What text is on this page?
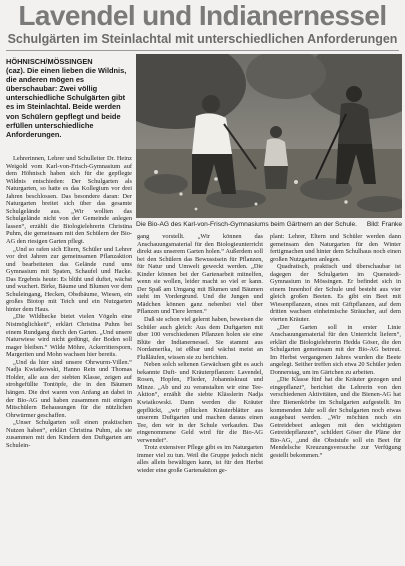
Lavendel und Indianernessel
Schulgärten im Steinlachtal mit unterschiedlichen Anforderungen
Die Bio-AG des Karl-von-Frisch-Gymnasiums beim Gärtnern an der Schule. Bild: Franke
HÖHNISCH/MÖSSINGEN
(caz). Die einen lieben die Wildnis, die anderen mögen es überschaubar: Zwei völlig unterschiedliche Schulgärten gibt es im Steinlachtal. Beide werden von Schülern gepflegt und beide erfüllen unterschiedliche Anforderungen.

Lehrerinnen, Lehrer und Schulleiter Dr. Heinz Weigold vom Karl-von-Frisch-Gymnasium auf dem Höhnisch haben sich für die gepflegte Wildnis entschieden: Der Schulgarten als Naturgarten, so hatte es das Kollegium vor drei Jahren beschlossen. Das besondere daran: Der Naturgarten breitet sich über das gesamte Schulgelände aus. „Wir wollten das Schulgelände nicht von der Gemeinde anlegen lassen“, erzählt die Biologielehrerin Christina Puhm, die gemeinsam mit den Schülern der Bio-AG den riesigen Garten pflegt.

„Und so rafen sich Eltern, Schüler und Lehrer vor drei Jahren zur gemeinsamen Pflanzaktion und bearbeiteten das Gelände rund ums Gymnasium mit Spaten, Schaufel und Hacke. Das Ergebnis heute: Es blüht und duftet, wächst und wuchert. Birke, Bäume und Blumen vor dem Schuleingang, Hecken, Obstbäume, Wiesen, ein großes Biotop mit Teich und ein Nutzgarten hinter dem Haus.

„Die Wildhecke bietet vielen Vögeln eine Nistmöglichkeit“, erklärt Christina Puhm bei einem Rundgang durch den Garten. „Und unsere Naturwiese wird nicht gedüngt, der Boden soll mager bleiben.“ Wilde Möhre, Ackerrittersporn, Margeriten und Mohn wachsen hier bereits.

„Und da hier sind unsere Ohrwurm-Villen.“ Nadja Kwiatkowski, Hanno Rein und Thomas Holder, alle aus der siebten Klasse, zeigen auf strohgefüllte Tontöpfe, die in den Bäumen hängen. Die drei waren von Anfang an dabei in der Bio-AG und haben zusammen mit einigen Mitschülern Behausungen für die nützlichen Ohrwürmer geschaffen.

„Unser Schulgarten soll einen praktischen Nutzen haben“, erklärt Christina Puhm, als sie zusammen mit den Kindern den Duftgarten am Schulein-

gang vorstellt. „Wir können das Anschauungsmaterial für den Biologieunterricht direkt aus unserem Garten holen.“ Außerdem soll bei den Schülern das Bewusstsein für Pflanzen, für Natur und Umwelt geweckt werden. „Die Kinder können bei der Gartenarbeit mitnelfen, wenn sie wollen, leider macht so viel er kann. Der Spaß am Umgang mit Blumen und Bäumen steht im Vordergrund. Und die Jungen und Mädchen können ganz nebenbei viel über Pflanzen und Tiere lernen.“

Daß sie schon viel gelernt haben, beweisen die Schüler auch gleich: Aus dem Duftgarten mit über 100 verschiedenen Pflanzen holen sie eine Blüte der Indianernessel. Sie stammt aus Nordamerika, ist eßbar und wächst meist an Flußläufen, wissen sie zu berichten.

Neben solch seltenen Gewächsen gibt es auch bekannte Duft- und Kräuterpflanzen: Lavendel, Rosen, Hopfen, Flieder, Johanniskraut und Minze. „Ab und zu veranstalten wir eine Tee-Aktion“, erzählt die siebte Klässlerin Nadja Kwiatkowski. Dann werden die Kräuter gepflückt, „wir pflücken Kräuterblätter aus unserem Duftgarten und machen daraus einen Tee, den wir in der Schule verkaufen. Das eingenommene Geld wird für die Bio-AG verwendet“.

Trotz extensiver Pflege gibt es im Naturgarten immer viel zu tun. Weil die Gruppe jedoch nicht alles allein bewältigen kann, ist für den Herbst wieder eine große Gartenaktion ge-

plant: Lehrer, Eltern und Schüler werden dann gemeinsam den Naturgarten für den Winter fertigmachen und hinter dem Schulhaus noch einen großen Nutzgarten anlegen.

Quadratisch, praktisch und überschaubar ist dagegen der Schulgarten im Quenstedt-Gymnasium in Mössingen. Er befindet sich in einem Innenhof der Schule und besteht aus vier gleich großen Beeten. Es gibt ein Beet mit Wiesenpflanzen, eines mit Giftpflanzen, auf dem dritten wachsen einheimische Sträucher, auf dem vierten Kräuter.

„Der Garten soll in erster Linie Anschauungsmaterial für den Unterricht liefern“, erklärt die Biologielehrerin Hedda Göser, die den Schulgarten gemeinsam mit der Bio-AG betreut. Im Herbst vergangenen Jahres wurden die Beete angelegt. Seither treffen sich etwa 20 Schüler jeden Donnerstag, um im Gärtchen zu arbeiten.

„Die Klasse fünf hat die Kräuter gezogen und eingepflanzt“, berichtet die Lehrerin von den verschiedenen Aktivitäten, und die Bienen-AG hat ihre Bienenkörbe im Schulgarten aufgestellt. Im kommenden Jahr soll der Schulgarten noch etwas ausgebaut werden. „Wir möchten noch ein Getreidebeet anlegen mit den wichtigsten Getreidepflanzen“, schildert Göser die Pläne der Bio-AG, „und die Obststufe soll ein Beet für Mendelsche Kreuzungsversuche zur Verfügung gestellt bekommen.“
